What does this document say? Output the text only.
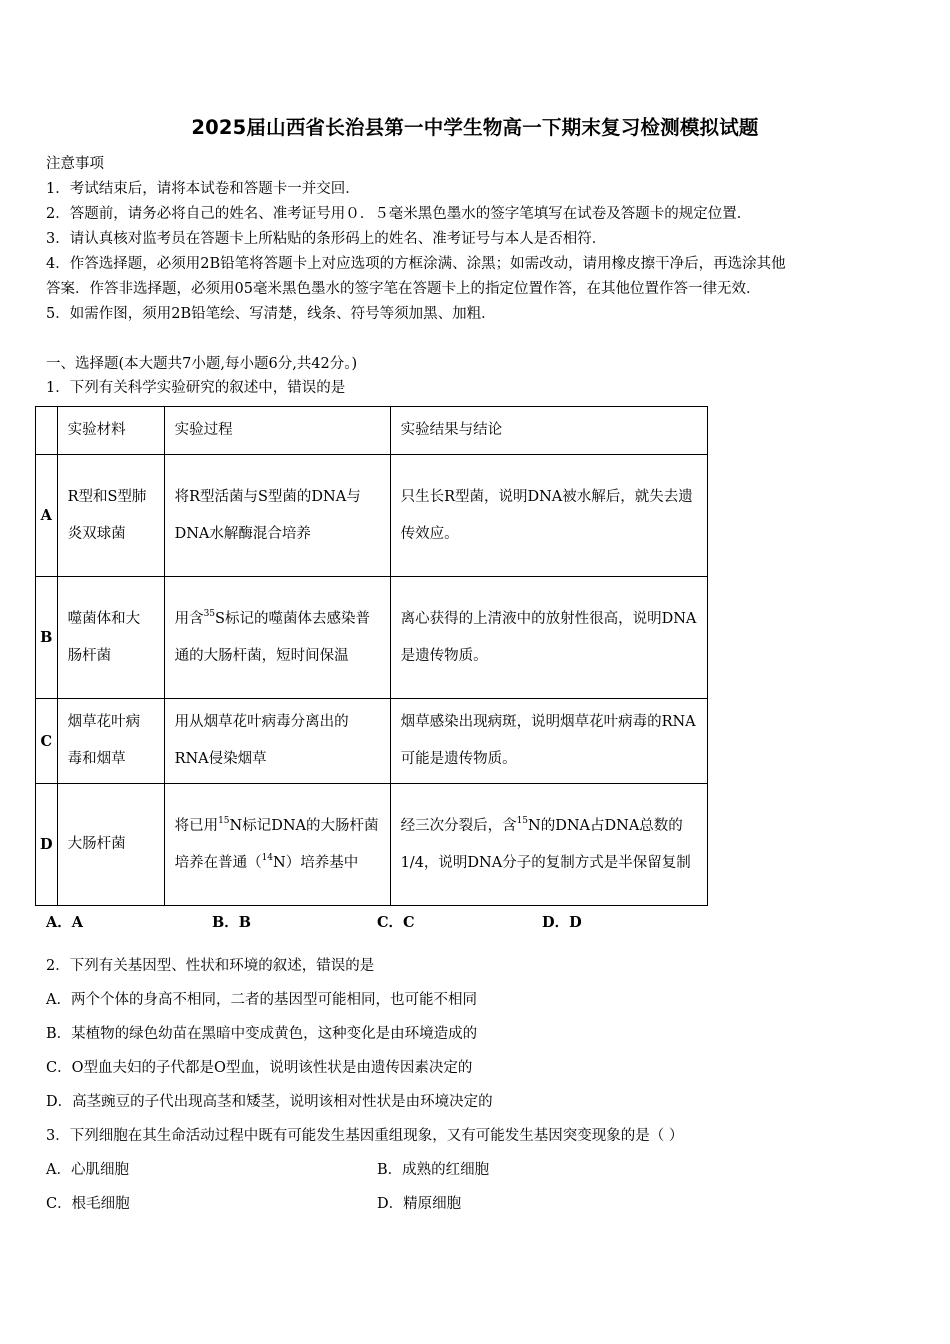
2025届山西省长治县第一中学生物高一下期末复习检测模拟试题
注意事项
1．考试结束后，请将本试卷和答题卡一并交回．
2．答题前，请务必将自己的姓名、准考证号用０．５毫米黑色墨水的签字笔填写在试卷及答题卡的规定位置．
3．请认真核对监考员在答题卡上所粘贴的条形码上的姓名、准考证号与本人是否相符．
4．作答选择题，必须用2B铅笔将答题卡上对应选项的方框涂满、涂黑；如需改动，请用橡皮擦干净后，再选涂其他
答案．作答非选择题，必须用05毫米黑色墨水的签字笔在答题卡上的指定位置作答，在其他位置作答一律无效．
5．如需作图，须用2B铅笔绘、写清楚，线条、符号等须加黑、加粗．
一、选择题(本大题共7小题,每小题6分,共42分。)
1．下列有关科学实验研究的叙述中，错误的是
	实验材料	实验过程	实验结果与结论
A	R型和S型肺炎双球菌	将R型活菌与S型菌的DNA与DNA水解酶混合培养	只生长R型菌，说明DNA被水解后，就失去遗传效应。
B	噬菌体和大肠杆菌	用含$^{35}$S标记的噬菌体去感染普通的大肠杆菌，短时间保温	离心获得的上清液中的放射性很高，说明DNA是遗传物质。
C	烟草花叶病毒和烟草	用从烟草花叶病毒分离出的RNA侵染烟草	烟草感染出现病斑，说明烟草花叶病毒的RNA可能是遗传物质。
D	大肠杆菌	将已用$^{15}$N标记DNA的大肠杆菌培养在普通（$^{14}$N）培养基中	经三次分裂后，含$^{15}$N的DNA占DNA总数的1/4，说明DNA分子的复制方式是半保留复制
A．A	B．B	C．C	D．D
2．下列有关基因型、性状和环境的叙述，错误的是
A．两个个体的身高不相同，二者的基因型可能相同，也可能不相同
B．某植物的绿色幼苗在黑暗中变成黄色，这种变化是由环境造成的
C．O型血夫妇的子代都是O型血，说明该性状是由遗传因素决定的
D．高茎豌豆的子代出现高茎和矮茎，说明该相对性状是由环境决定的
3．下列细胞在其生命活动过程中既有可能发生基因重组现象，又有可能发生基因突变现象的是（ ）
A．心肌细胞	B．成熟的红细胞
C．根毛细胞	D．精原细胞
